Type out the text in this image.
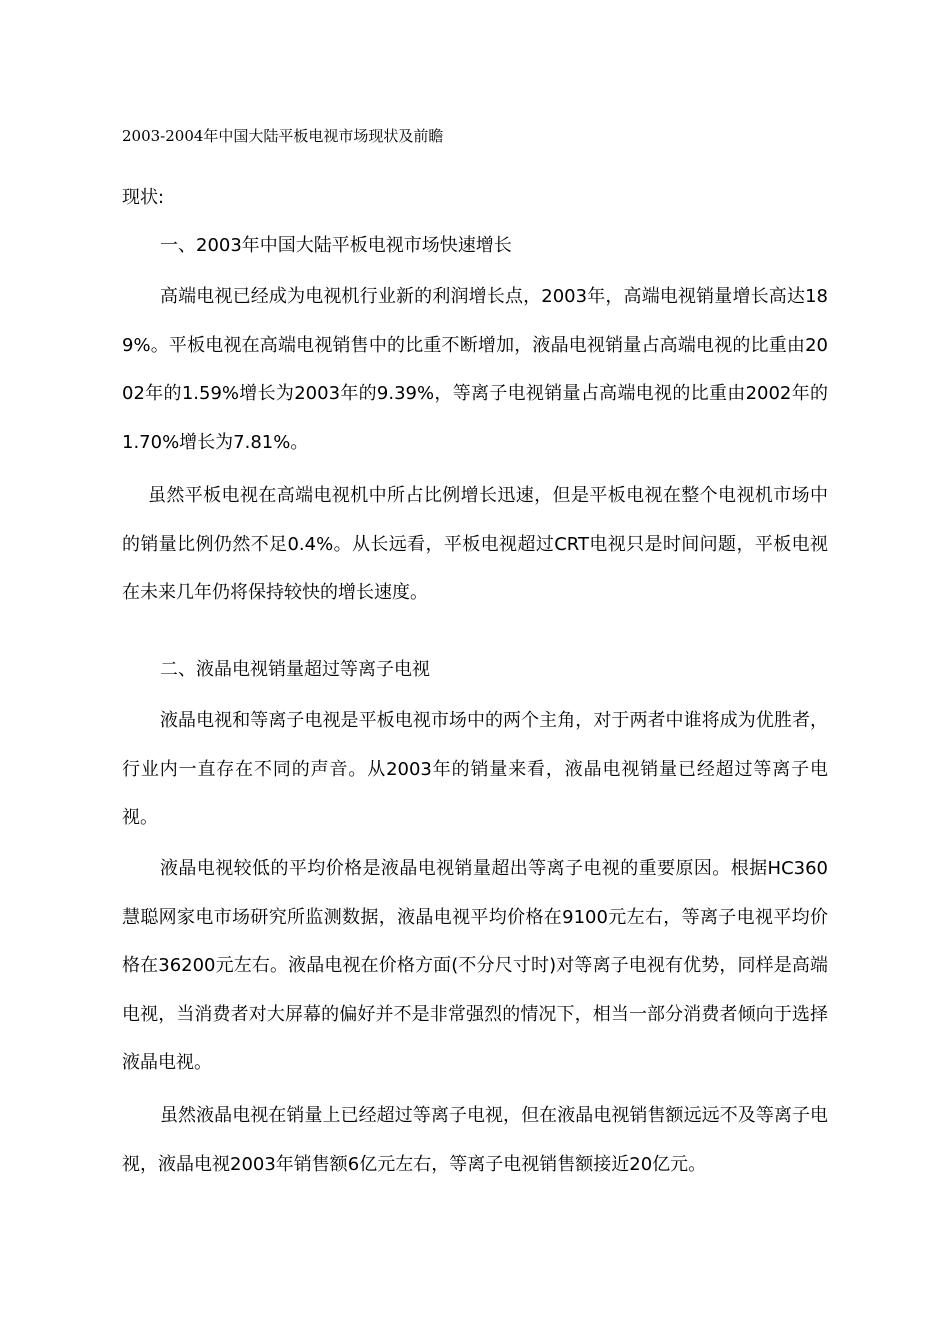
2003-2004年中国大陆平板电视市场现状及前瞻
现状:
一、2003年中国大陆平板电视市场快速增长

高端电视已经成为电视机行业新的利润增长点，2003年，高端电视销量增长高达189%。平板电视在高端电视销售中的比重不断增加，液晶电视销量占高端电视的比重由2002年的1.59%增长为2003年的9.39%，等离子电视销量占高端电视的比重由2002年的1.70%增长为7.81%。

虽然平板电视在高端电视机中所占比例增长迅速，但是平板电视在整个电视机市场中的销量比例仍然不足0.4%。从长远看，平板电视超过CRT电视只是时间问题，平板电视在未来几年仍将保持较快的增长速度。

二、液晶电视销量超过等离子电视

液晶电视和等离子电视是平板电视市场中的两个主角，对于两者中谁将成为优胜者，行业内一直存在不同的声音。从2003年的销量来看，液晶电视销量已经超过等离子电视。

液晶电视较低的平均价格是液晶电视销量超出等离子电视的重要原因。根据HC360慧聪网家电市场研究所监测数据，液晶电视平均价格在9100元左右，等离子电视平均价格在36200元左右。液晶电视在价格方面(不分尺寸时)对等离子电视有优势，同样是高端电视，当消费者对大屏幕的偏好并不是非常强烈的情况下，相当一部分消费者倾向于选择液晶电视。

虽然液晶电视在销量上已经超过等离子电视，但在液晶电视销售额远远不及等离子电视，液晶电视2003年销售额6亿元左右，等离子电视销售额接近20亿元。
